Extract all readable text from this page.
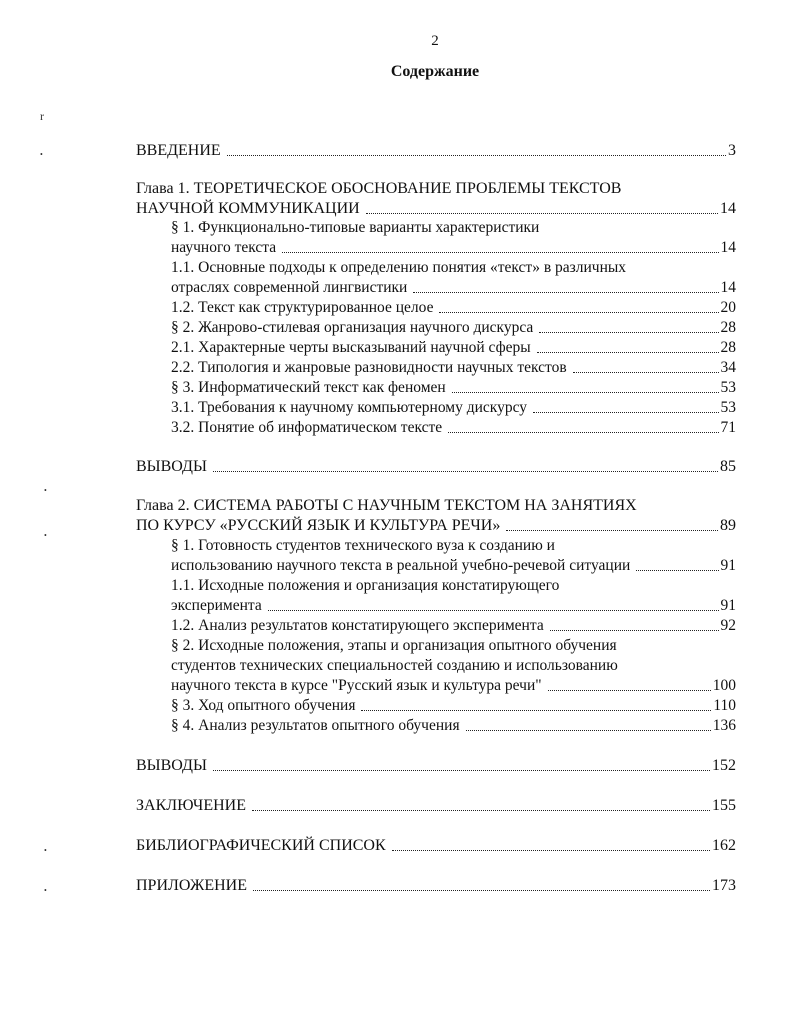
2
Содержание
r
•
•
•
•
•
ВВЕДЕНИЕ	3
Глава 1. ТЕОРЕТИЧЕСКОЕ ОБОСНОВАНИЕ ПРОБЛЕМЫ ТЕКСТОВ
НАУЧНОЙ КОММУНИКАЦИИ	14
§ 1. Функционально-типовые варианты характеристики
научного текста	14
1.1. Основные подходы к определению понятия «текст» в различных
отраслях современной лингвистики	14
1.2. Текст как структурированное целое	20
§ 2. Жанрово-стилевая организация научного дискурса	28
2.1. Характерные черты высказываний научной сферы	28
2.2. Типология и жанровые разновидности научных текстов	34
§ 3. Информатический текст как феномен	53
3.1. Требования к научному компьютерному дискурсу	53
3.2. Понятие об информатическом тексте	71
ВЫВОДЫ	85
Глава 2. СИСТЕМА РАБОТЫ С НАУЧНЫМ ТЕКСТОМ НА ЗАНЯТИЯХ
ПО КУРСУ «РУССКИЙ ЯЗЫК И КУЛЬТУРА РЕЧИ»	89
§ 1. Готовность студентов технического вуза к созданию и
использованию научного текста в реальной учебно-речевой ситуации	91
1.1. Исходные положения и организация констатирующего
эксперимента	91
1.2. Анализ результатов констатирующего эксперимента	92
§ 2. Исходные положения, этапы и организация опытного обучения
студентов технических специальностей созданию и использованию
научного текста в курсе "Русский язык и культура речи"	100
§ 3. Ход опытного обучения	110
§ 4. Анализ результатов опытного обучения	136
ВЫВОДЫ	152
ЗАКЛЮЧЕНИЕ	155
БИБЛИОГРАФИЧЕСКИЙ СПИСОК	162
ПРИЛОЖЕНИЕ	173
